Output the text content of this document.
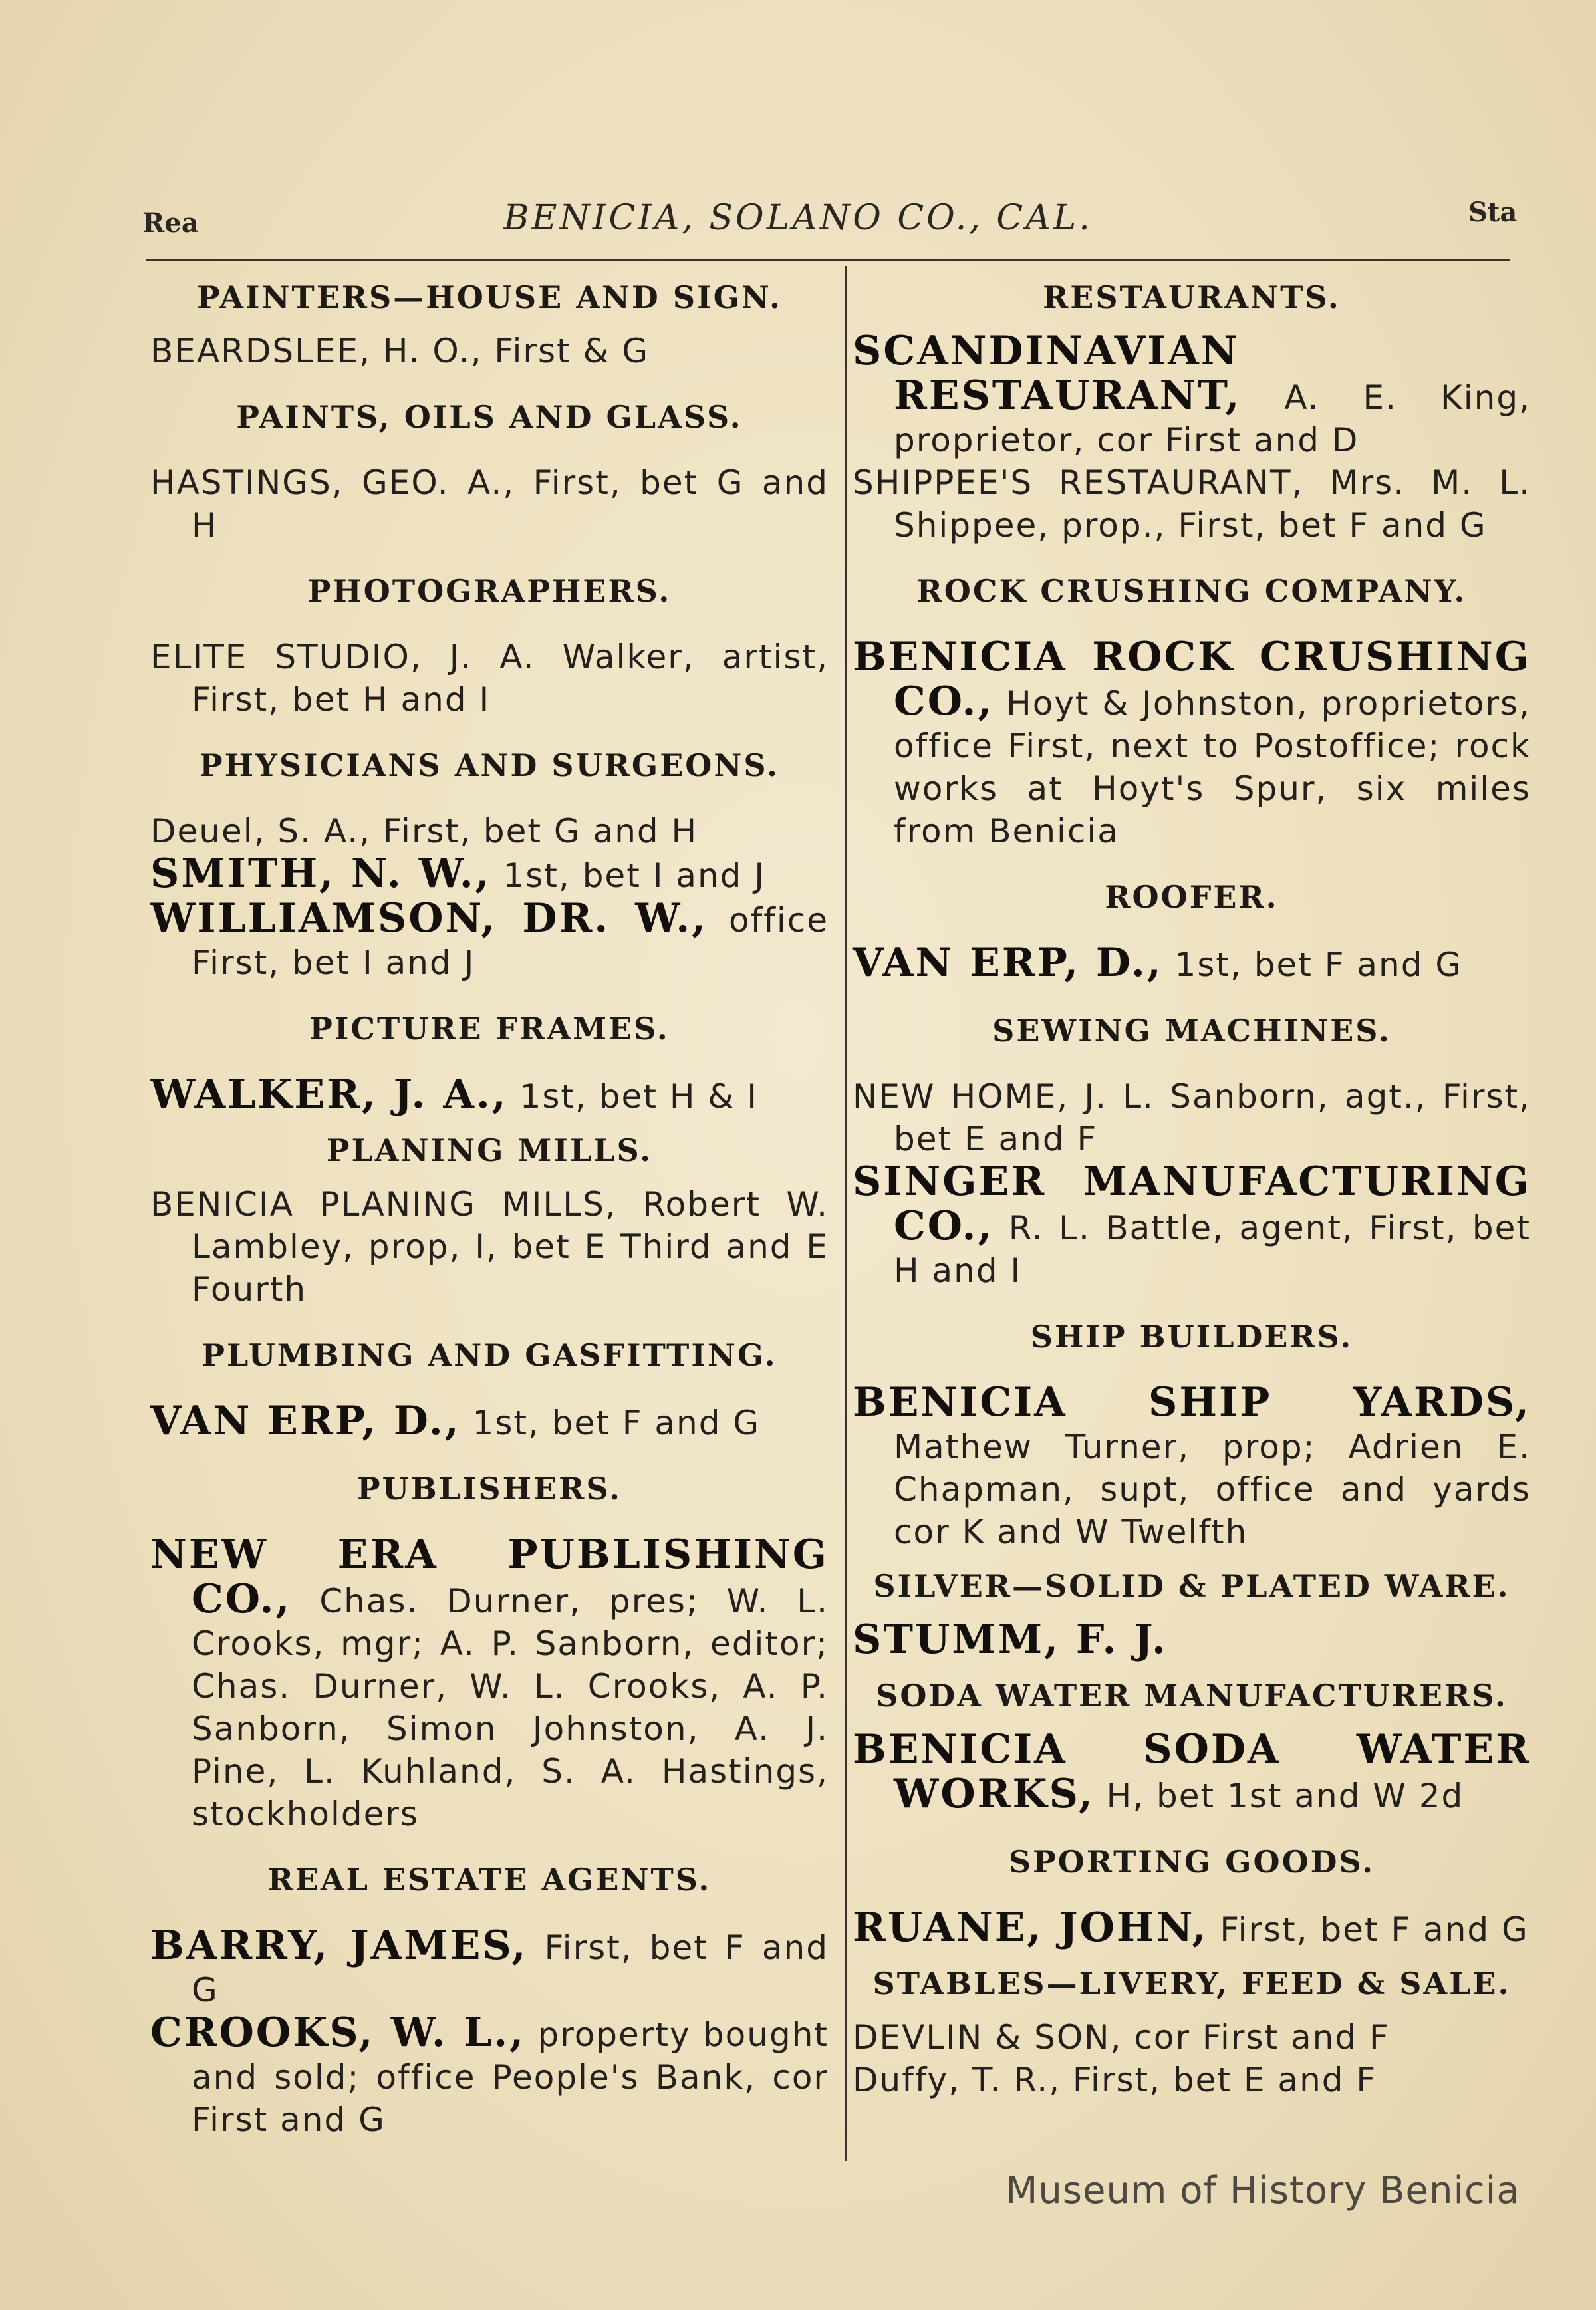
Rea	BENICIA, SOLANO CO., CAL.	Sta

PAINTERS—HOUSE AND SIGN.

BEARDSLEE, H. O., First & G

PAINTS, OILS AND GLASS.

HASTINGS, GEO. A., First, bet G and H

PHOTOGRAPHERS.

ELITE STUDIO, J. A. Walker, artist, First, bet H and I

PHYSICIANS AND SURGEONS.

Deuel, S. A., First, bet G and H

SMITH, N. W., 1st, bet I and J

WILLIAMSON, DR. W., office First, bet I and J

PICTURE FRAMES.

WALKER, J. A., 1st, bet H & I

PLANING MILLS.

BENICIA PLANING MILLS, Robert W. Lambley, prop, I, bet E Third and E Fourth

PLUMBING AND GASFITTING.

VAN ERP, D., 1st, bet F and G

PUBLISHERS.

NEW ERA PUBLISHING CO., Chas. Durner, pres; W. L. Crooks, mgr; A. P. Sanborn, editor; Chas. Durner, W. L. Crooks, A. P. Sanborn, Simon Johnston, A. J. Pine, L. Kuhland, S. A. Hastings, stockholders

REAL ESTATE AGENTS.

BARRY, JAMES, First, bet F and G

CROOKS, W. L., property bought and sold; office People's Bank, cor First and G

RESTAURANTS.

SCANDINAVIAN RESTAURANT, A. E. King, proprietor, cor First and D

SHIPPEE'S RESTAURANT, Mrs. M. L. Shippee, prop., First, bet F and G

ROCK CRUSHING COMPANY.

BENICIA ROCK CRUSHING CO., Hoyt & Johnston, proprietors, office First, next to Postoffice; rock works at Hoyt's Spur, six miles from Benicia

ROOFER.

VAN ERP, D., 1st, bet F and G

SEWING MACHINES.

NEW HOME, J. L. Sanborn, agt., First, bet E and F

SINGER MANUFACTURING CO., R. L. Battle, agent, First, bet H and I

SHIP BUILDERS.

BENICIA SHIP YARDS, Mathew Turner, prop; Adrien E. Chapman, supt, office and yards cor K and W Twelfth

SILVER—SOLID & PLATED WARE.

STUMM, F. J.

SODA WATER MANUFACTURERS.

BENICIA SODA WATER WORKS, H, bet 1st and W 2d

SPORTING GOODS.

RUANE, JOHN, First, bet F and G

STABLES—LIVERY, FEED & SALE.

DEVLIN & SON, cor First and F

Duffy, T. R., First, bet E and F

Museum of History Benicia
